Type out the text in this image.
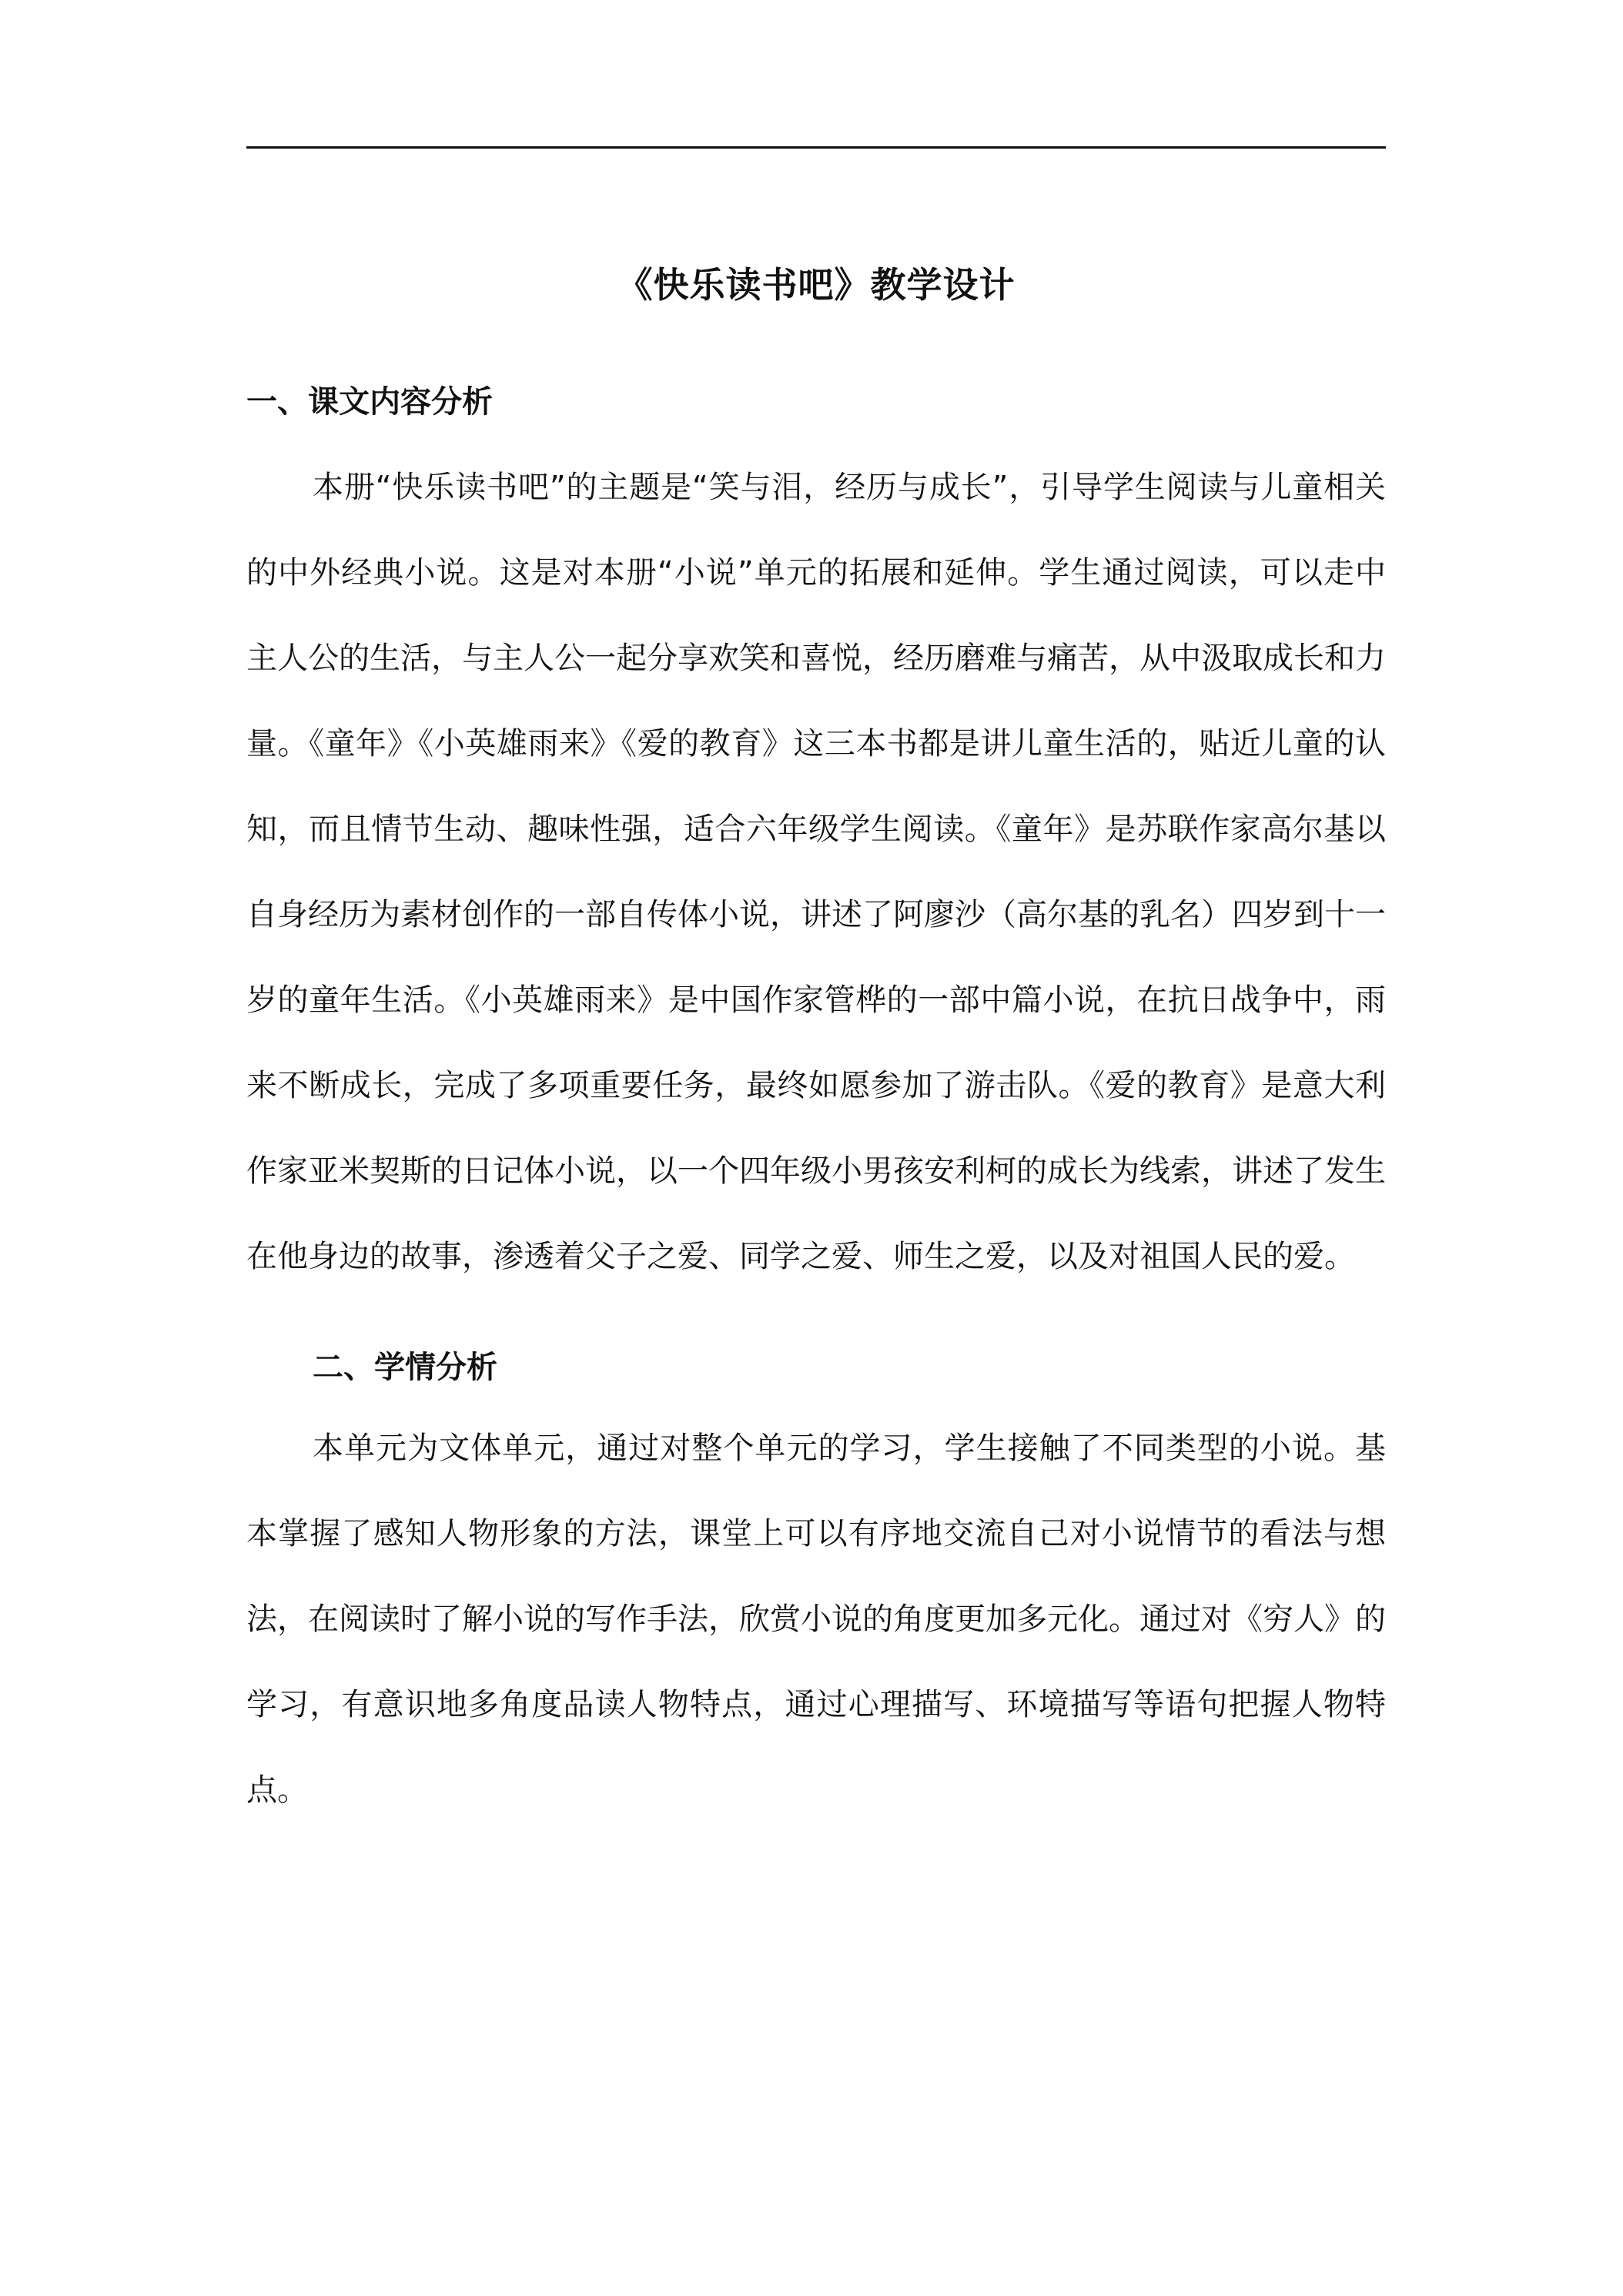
《快乐读书吧》教学设计
一、课文内容分析

本册“快乐读书吧”的主题是“笑与泪，经历与成长”，引导学生阅读与儿童相关的中外经典小说。这是对本册“小说”单元的拓展和延伸。学生通过阅读，可以走中主人公的生活，与主人公一起分享欢笑和喜悦，经历磨难与痛苦，从中汲取成长和力量。《童年》《小英雄雨来》《爱的教育》这三本书都是讲儿童生活的，贴近儿童的认知，而且情节生动、趣味性强，适合六年级学生阅读。《童年》是苏联作家高尔基以自身经历为素材创作的一部自传体小说，讲述了阿廖沙（高尔基的乳名）四岁到十一岁的童年生活。《小英雄雨来》是中国作家管桦的一部中篇小说，在抗日战争中，雨来不断成长，完成了多项重要任务，最终如愿参加了游击队。《爱的教育》是意大利作家亚米契斯的日记体小说，以一个四年级小男孩安利柯的成长为线索，讲述了发生在他身边的故事，渗透着父子之爱、同学之爱、师生之爱，以及对祖国人民的爱。

二、学情分析

本单元为文体单元，通过对整个单元的学习，学生接触了不同类型的小说。基本掌握了感知人物形象的方法，课堂上可以有序地交流自己对小说情节的看法与想法，在阅读时了解小说的写作手法，欣赏小说的角度更加多元化。通过对《穷人》的学习，有意识地多角度品读人物特点，通过心理描写、环境描写等语句把握人物特点。
